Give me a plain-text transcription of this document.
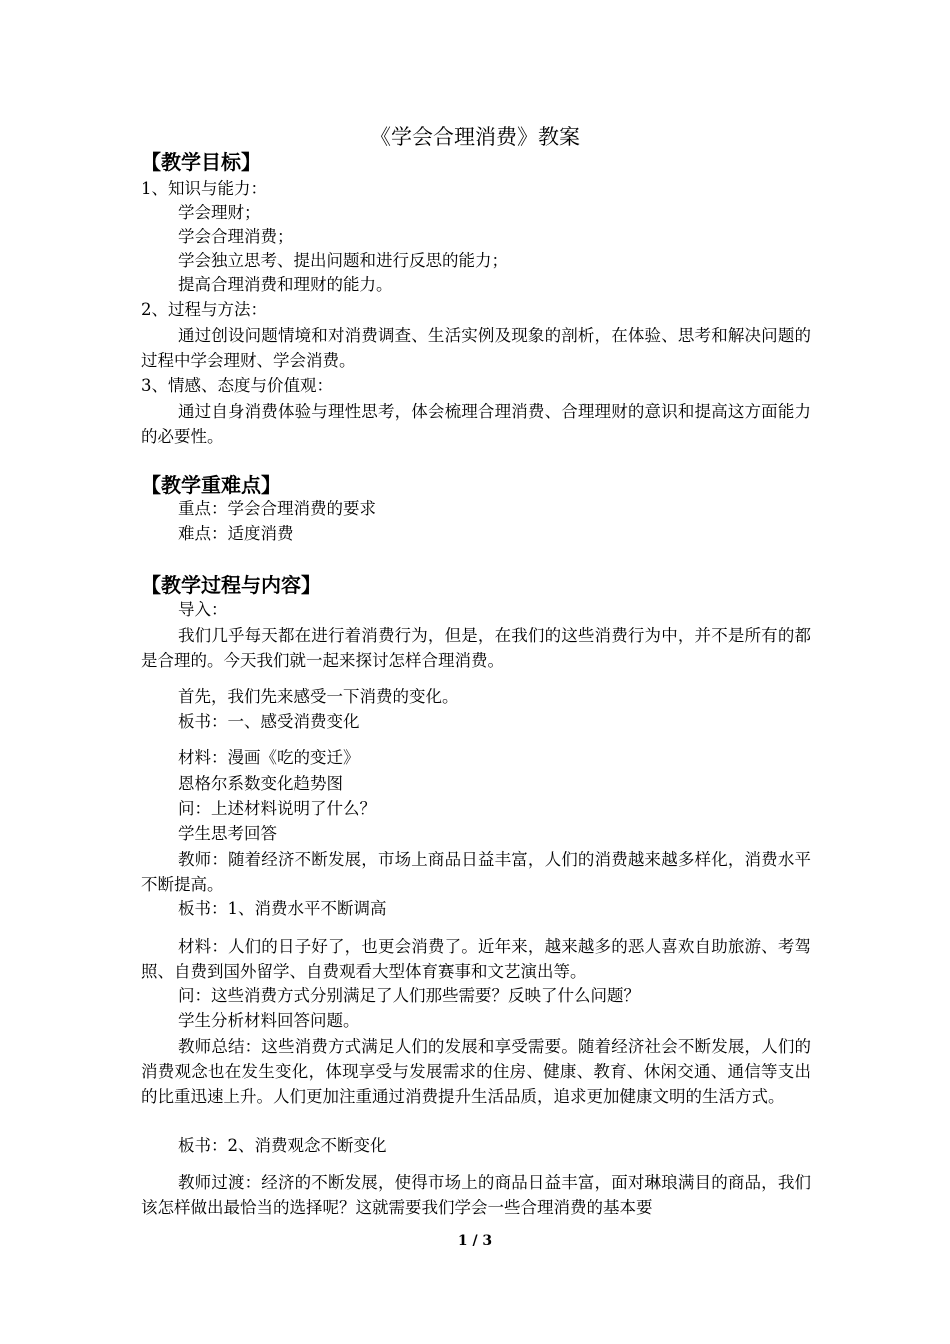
《学会合理消费》教案
【教学目标】
1、知识与能力：
学会理财；
学会合理消费；
学会独立思考、提出问题和进行反思的能力；
提高合理消费和理财的能力。
2、过程与方法：

通过创设问题情境和对消费调查、生活实例及现象的剖析，在体验、思考和解决问题的过程中学会理财、学会消费。

3、情感、态度与价值观：

通过自身消费体验与理性思考，体会梳理合理消费、合理理财的意识和提高这方面能力的必要性。

【教学重难点】
重点：学会合理消费的要求
难点：适度消费
【教学过程与内容】
导入：

我们几乎每天都在进行着消费行为，但是，在我们的这些消费行为中，并不是所有的都是合理的。今天我们就一起来探讨怎样合理消费。

首先，我们先来感受一下消费的变化。
板书：一、感受消费变化
材料：漫画《吃的变迁》
恩格尔系数变化趋势图
问：上述材料说明了什么？
学生思考回答

教师：随着经济不断发展，市场上商品日益丰富，人们的消费越来越多样化，消费水平不断提高。

板书：1、消费水平不断调高

材料：人们的日子好了，也更会消费了。近年来，越来越多的恶人喜欢自助旅游、考驾照、自费到国外留学、自费观看大型体育赛事和文艺演出等。

问：这些消费方式分别满足了人们那些需要？反映了什么问题？
学生分析材料回答问题。

教师总结：这些消费方式满足人们的发展和享受需要。随着经济社会不断发展，人们的消费观念也在发生变化，体现享受与发展需求的住房、健康、教育、休闲交通、通信等支出的比重迅速上升。人们更加注重通过消费提升生活品质，追求更加健康文明的生活方式。

板书：2、消费观念不断变化

教师过渡：经济的不断发展，使得市场上的商品日益丰富，面对琳琅满目的商品，我们该怎样做出最恰当的选择呢？这就需要我们学会一些合理消费的基本要

1 / 3
